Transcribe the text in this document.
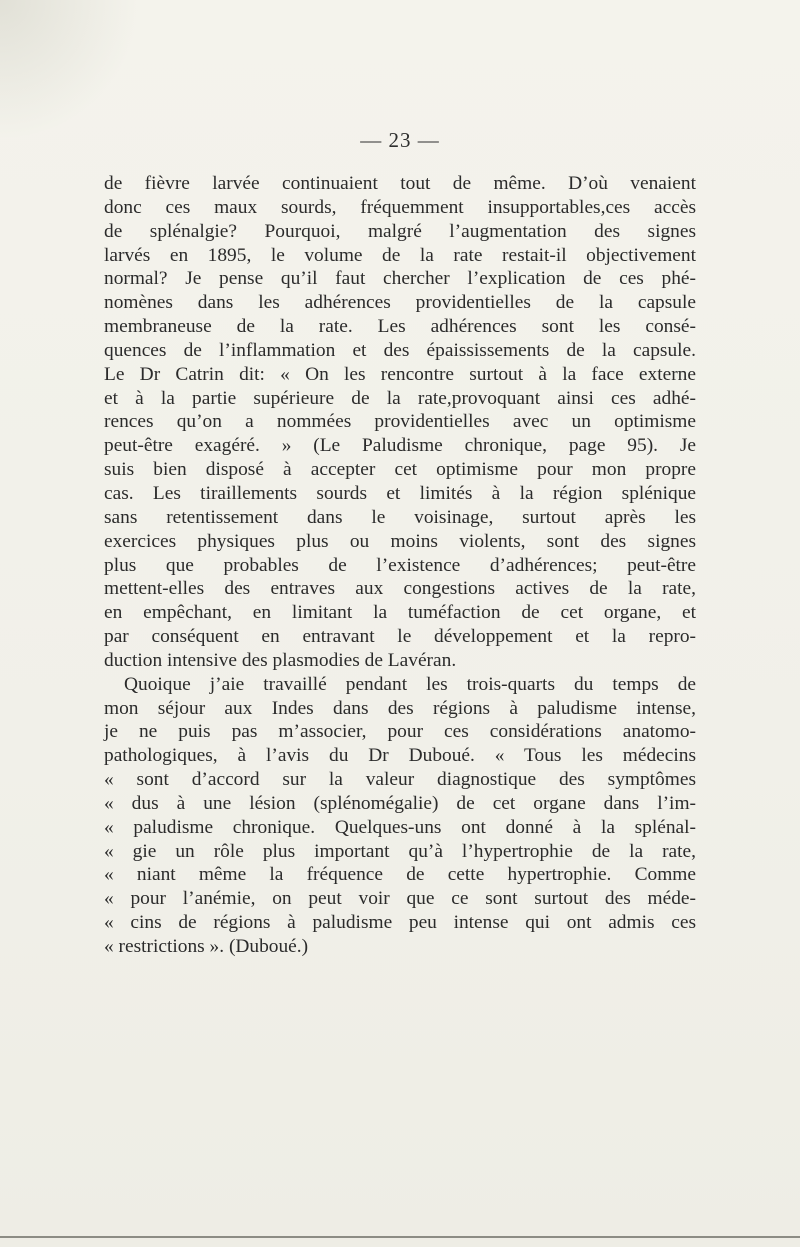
— 23 —
de fièvre larvée continuaient tout de même. D’où venaient
donc ces maux sourds, fréquemment insupportables,ces accès
de splénalgie? Pourquoi, malgré l’augmentation des signes
larvés en 1895, le volume de la rate restait-il objectivement
normal? Je pense qu’il faut chercher l’explication de ces phé-
nomènes dans les adhérences providentielles de la capsule
membraneuse de la rate. Les adhérences sont les consé-
quences de l’inflammation et des épaississements de la capsule.
Le Dr Catrin dit: « On les rencontre surtout à la face externe
et à la partie supérieure de la rate,provoquant ainsi ces adhé-
rences qu’on a nommées providentielles avec un optimisme
peut-être exagéré. » (Le Paludisme chronique, page 95). Je
suis bien disposé à accepter cet optimisme pour mon propre
cas. Les tiraillements sourds et limités à la région splénique
sans retentissement dans le voisinage, surtout après les
exercices physiques plus ou moins violents, sont des signes
plus que probables de l’existence d’adhérences; peut-être
mettent-elles des entraves aux congestions actives de la rate,
en empêchant, en limitant la tuméfaction de cet organe, et
par conséquent en entravant le développement et la repro-
duction intensive des plasmodies de Lavéran.
Quoique j’aie travaillé pendant les trois-quarts du temps de
mon séjour aux Indes dans des régions à paludisme intense,
je ne puis pas m’associer, pour ces considérations anatomo-
pathologiques, à l’avis du Dr Duboué. « Tous les médecins
« sont d’accord sur la valeur diagnostique des symptômes
« dus à une lésion (splénomégalie) de cet organe dans l’im-
« paludisme chronique. Quelques-uns ont donné à la splénal-
« gie un rôle plus important qu’à l’hypertrophie de la rate,
« niant même la fréquence de cette hypertrophie. Comme
« pour l’anémie, on peut voir que ce sont surtout des méde-
« cins de régions à paludisme peu intense qui ont admis ces
« restrictions ». (Duboué.)
